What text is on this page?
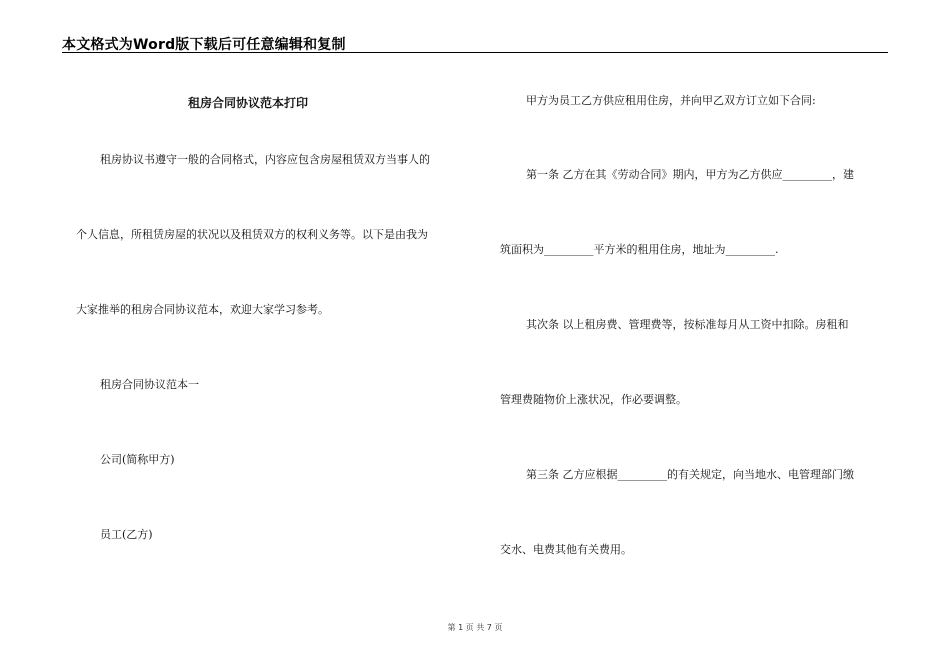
本文格式为Word版下载后可任意编辑和复制
租房合同协议范本打印
租房协议书遵守一般的合同格式，内容应包含房屋租赁双方当事人的
个人信息，所租赁房屋的状况以及租赁双方的权利义务等。以下是由我为
大家推举的租房合同协议范本，欢迎大家学习参考。
租房合同协议范本一
公司(简称甲方)
员工(乙方)
甲方为员工乙方供应租用住房，并向甲乙双方订立如下合同:
第一条 乙方在其《劳动合同》期内，甲方为乙方供应_________，建
筑面积为_________平方米的租用住房，地址为_________.
其次条 以上租房费、管理费等，按标准每月从工资中扣除。房租和
管理费随物价上涨状况，作必要调整。
第三条 乙方应根据_________的有关规定，向当地水、电管理部门缴
交水、电费其他有关费用。
第 1 页 共 7 页
